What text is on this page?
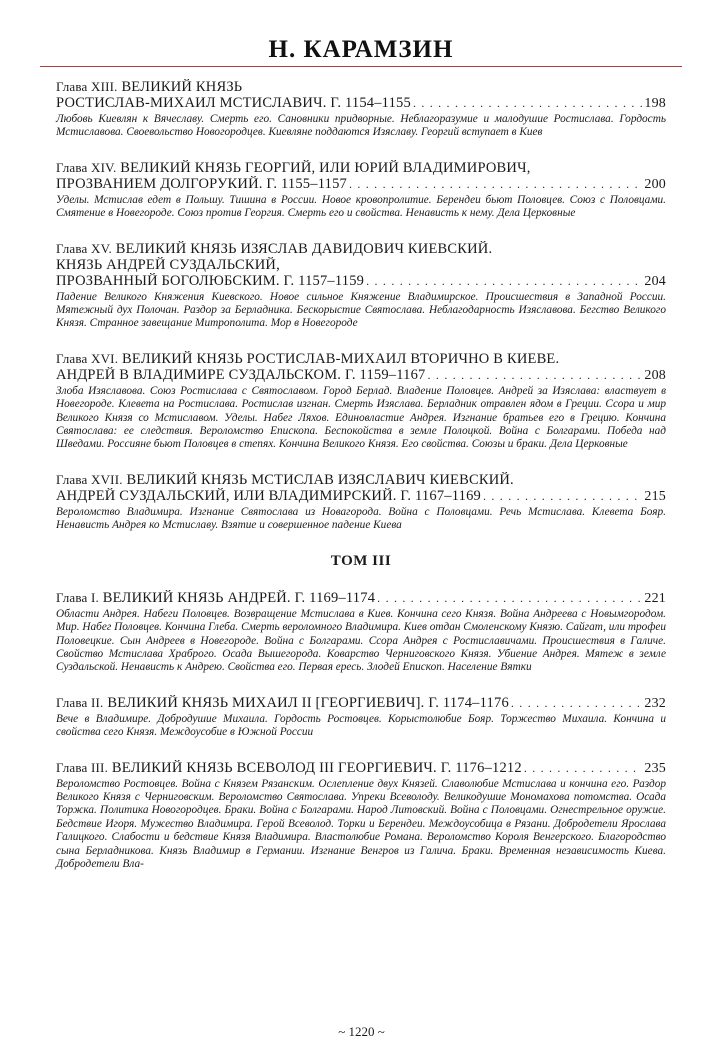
Н. КАРАМЗИН
Глава XIII. ВЕЛИКИЙ КНЯЗЬ
РОСТИСЛАВ-МИХАИЛ МСТИСЛАВИЧ. Г. 1154–1155 . . .	198
Любовь Киевлян к Вячеславу. Смерть его. Сановники придворные. Неблагоразумие и малодушие Ростислава. Гордость Мстиславова. Своевольство Новогородцев. Киевляне поддаются Изяславу. Георгий вступает в Киев
Глава XIV. ВЕЛИКИЙ КНЯЗЬ ГЕОРГИЙ, ИЛИ ЮРИЙ ВЛАДИМИРОВИЧ,
ПРОЗВАНИЕМ ДОЛГОРУКИЙ. Г. 1155–1157 . . .	200
Уделы. Мстислав едет в Польшу. Тишина в России. Новое кровопролитие. Берендеи бьют Половцев. Союз с Половцами. Смятение в Новегороде. Союз против Георгия. Смерть его и свойства. Ненависть к нему. Дела Церковные
Глава XV. ВЕЛИКИЙ КНЯЗЬ ИЗЯСЛАВ ДАВИДОВИЧ КИЕВСКИЙ.
КНЯЗЬ АНДРЕЙ СУЗДАЛЬСКИЙ,
ПРОЗВАННЫЙ БОГОЛЮБСКИМ. Г. 1157–1159 . . .	204
Падение Великого Княжения Киевского. Новое сильное Княжение Владимирское. Происшествия в Западной России. Мятежный дух Полочан. Раздор за Берладника. Бескорыстие Святослава. Неблагодарность Изяславова. Бегство Великого Князя. Странное завещание Митрополита. Мор в Новегороде
Глава XVI. ВЕЛИКИЙ КНЯЗЬ РОСТИСЛАВ-МИХАИЛ ВТОРИЧНО В КИЕВЕ.
АНДРЕЙ В ВЛАДИМИРЕ СУЗДАЛЬСКОМ. Г. 1159–1167 . . .	208
Злоба Изяславова. Союз Ростислава с Святославом. Город Берлад. Владение Половцев. Андрей за Изяслава: властвует в Новегороде. Клевета на Ростислава. Ростислав изгнан. Смерть Изяслава. Берладник отравлен ядом в Греции. Ссора и мир Великого Князя со Мстиславом. Уделы. Набег Ляхов. Единовластие Андрея. Изгнание братьев его в Грецию. Кончина Святослава: ее следствия. Вероломство Епископа. Беспокойства в земле Полоцкой. Война с Болгарами. Победа над Шведами. Россияне бьют Половцев в степях. Кончина Великого Князя. Его свойства. Союзы и браки. Дела Церковные
Глава XVII. ВЕЛИКИЙ КНЯЗЬ МСТИСЛАВ ИЗЯСЛАВИЧ КИЕВСКИЙ.
АНДРЕЙ СУЗДАЛЬСКИЙ, ИЛИ ВЛАДИМИРСКИЙ. Г. 1167–1169 . . .	215
Вероломство Владимира. Изгнание Святослава из Новагорода. Война с Половцами. Речь Мстислава. Клевета Бояр. Ненависть Андрея ко Мстиславу. Взятие и совершенное падение Киева
ТОМ III
Глава I. ВЕЛИКИЙ КНЯЗЬ АНДРЕЙ. Г. 1169–1174 . . .	221
Области Андрея. Набеги Половцев. Возвращение Мстислава в Киев. Кончина сего Князя. Война Андреева с Новымгородом. Мир. Набег Половцев. Кончина Глеба. Смерть вероломного Владимира. Киев отдан Смоленскому Князю. Сайгат, или трофеи Половецкие. Сын Андреев в Новегороде. Война с Болгарами. Ссора Андрея с Ростиславичами. Происшествия в Галиче. Свойство Мстислава Храброго. Осада Вышегорода. Коварство Черниговского Князя. Убиение Андрея. Мятеж в земле Суздальской. Ненависть к Андрею. Свойства его. Первая ересь. Злодей Епископ. Население Вятки
Глава II. ВЕЛИКИЙ КНЯЗЬ МИХАИЛ II [ГЕОРГИЕВИЧ]. Г. 1174–1176 . . .	232
Вече в Владимире. Добродушие Михаила. Гордость Ростовцев. Корыстолюбие Бояр. Торжество Михаила. Кончина и свойства сего Князя. Междоусобие в Южной России
Глава III. ВЕЛИКИЙ КНЯЗЬ ВСЕВОЛОД III ГЕОРГИЕВИЧ. Г. 1176–1212 . . .	235
Вероломство Ростовцев. Война с Князем Рязанским. Ослепление двух Князей. Славолюбие Мстислава и кончина его. Раздор Великого Князя с Черниговским. Вероломство Святослава. Упреки Всеволоду. Великодушие Мономахова потомства. Осада Торжка. Политика Новогородцев. Браки. Война с Болгарами. Народ Литовский. Война с Половцами. Огнестрельное оружие. Бедствие Игоря. Мужество Владимира. Герой Всеволод. Торки и Берендеи. Междоусобица в Рязани. Добродетели Ярослава Галицкого. Слабости и бедствие Князя Владимира. Властолюбие Романа. Вероломство Короля Венгерского. Благородство сына Берладникова. Князь Владимир в Германии. Изгнание Венгров из Галича. Браки. Временная независимость Киева. Добродетели Вла-
~ 1220 ~
